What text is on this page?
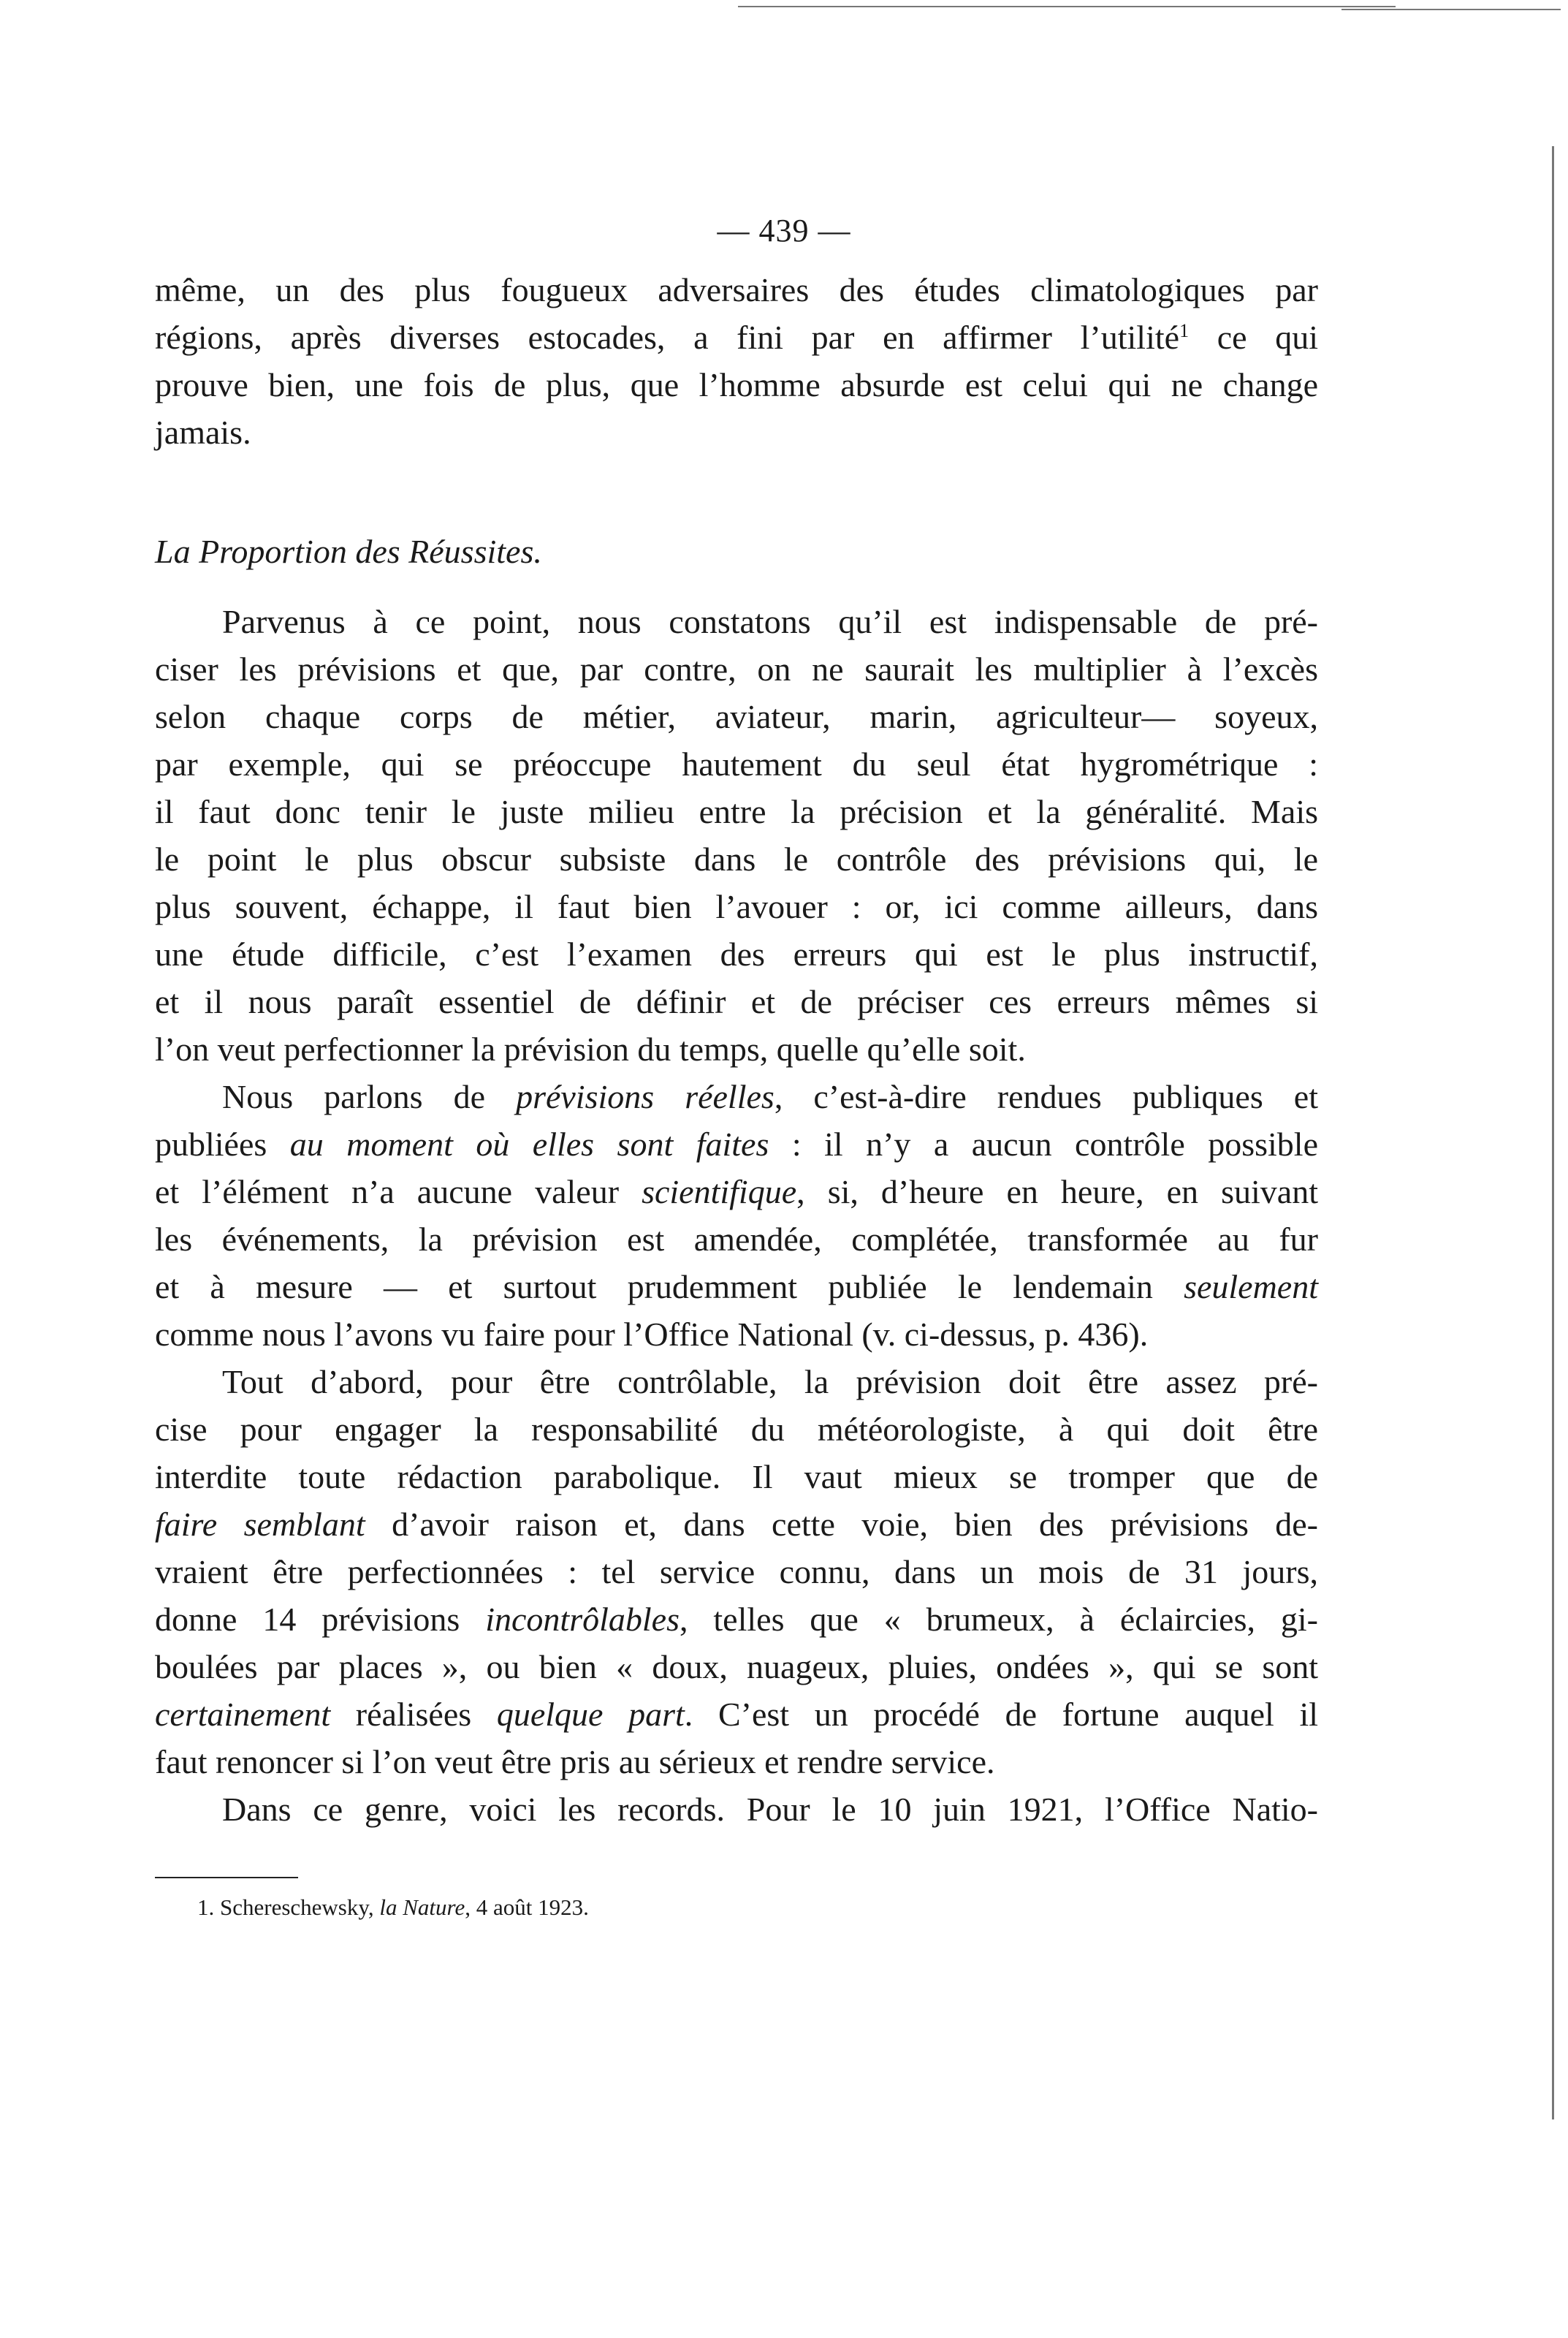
— 439 —
même, un des plus fougueux adversaires des études climatologiques par
régions, après diverses estocades, a fini par en affirmer l’utilité$^1$ ce qui
prouve bien, une fois de plus, que l’homme absurde est celui qui ne change
jamais.
La Proportion des Réussites.
Parvenus à ce point, nous constatons qu’il est indispensable de pré-
ciser les prévisions et que, par contre, on ne saurait les multiplier à l’excès
selon chaque corps de métier, aviateur, marin, agriculteur— soyeux,
par exemple, qui se préoccupe hautement du seul état hygrométrique :
il faut donc tenir le juste milieu entre la précision et la généralité. Mais
le point le plus obscur subsiste dans le contrôle des prévisions qui, le
plus souvent, échappe, il faut bien l’avouer : or, ici comme ailleurs, dans
une étude difficile, c’est l’examen des erreurs qui est le plus instructif,
et il nous paraît essentiel de définir et de préciser ces erreurs mêmes si
l’on veut perfectionner la prévision du temps, quelle qu’elle soit.
Nous parlons de prévisions réelles, c’est-à-dire rendues publiques et
publiées au moment où elles sont faites : il n’y a aucun contrôle possible
et l’élément n’a aucune valeur scientifique, si, d’heure en heure, en suivant
les événements, la prévision est amendée, complétée, transformée au fur
et à mesure — et surtout prudemment publiée le lendemain seulement
comme nous l’avons vu faire pour l’Office National (v. ci-dessus, p. 436).
Tout d’abord, pour être contrôlable, la prévision doit être assez pré-
cise pour engager la responsabilité du météorologiste, à qui doit être
interdite toute rédaction parabolique. Il vaut mieux se tromper que de
faire semblant d’avoir raison et, dans cette voie, bien des prévisions de-
vraient être perfectionnées : tel service connu, dans un mois de 31 jours,
donne 14 prévisions incontrôlables, telles que « brumeux, à éclaircies, gi-
boulées par places », ou bien « doux, nuageux, pluies, ondées », qui se sont
certainement réalisées quelque part. C’est un procédé de fortune auquel il
faut renoncer si l’on veut être pris au sérieux et rendre service.
Dans ce genre, voici les records. Pour le 10 juin 1921, l’Office Natio-
1. Schereschewsky, la Nature, 4 août 1923.
